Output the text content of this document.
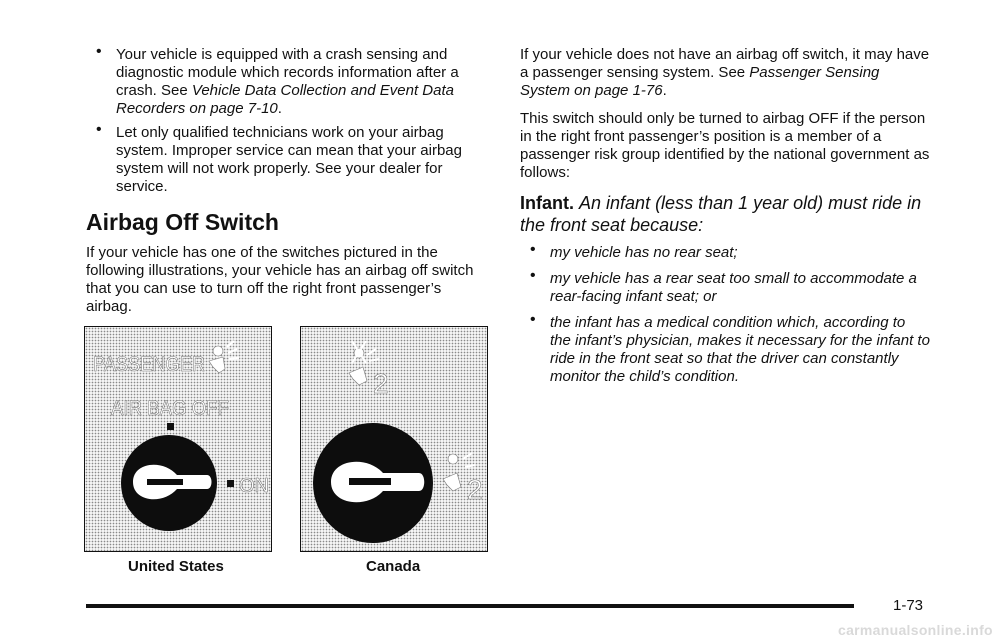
• Your vehicle is equipped with a crash sensing and diagnostic module which records information after a crash. See Vehicle Data Collection and Event Data Recorders on page 7-10.
• Let only qualified technicians work on your airbag system. Improper service can mean that your airbag system will not work properly. See your dealer for service.
Airbag Off Switch
If your vehicle has one of the switches pictured in the following illustrations, your vehicle has an airbag off switch that you can use to turn off the right front passenger’s airbag.
PASSENGER
AIR BAG OFF
ON
2
2
United States	Canada
If your vehicle does not have an airbag off switch, it may have a passenger sensing system. See Passenger Sensing System on page 1-76.
This switch should only be turned to airbag OFF if the person in the right front passenger’s position is a member of a passenger risk group identified by the national government as follows:
Infant. An infant (less than 1 year old) must ride in the front seat because:
• my vehicle has no rear seat;
• my vehicle has a rear seat too small to accommodate a rear-facing infant seat; or
• the infant has a medical condition which, according to the infant’s physician, makes it necessary for the infant to ride in the front seat so that the driver can constantly monitor the child’s condition.
1-73
carmanualsonline.info
